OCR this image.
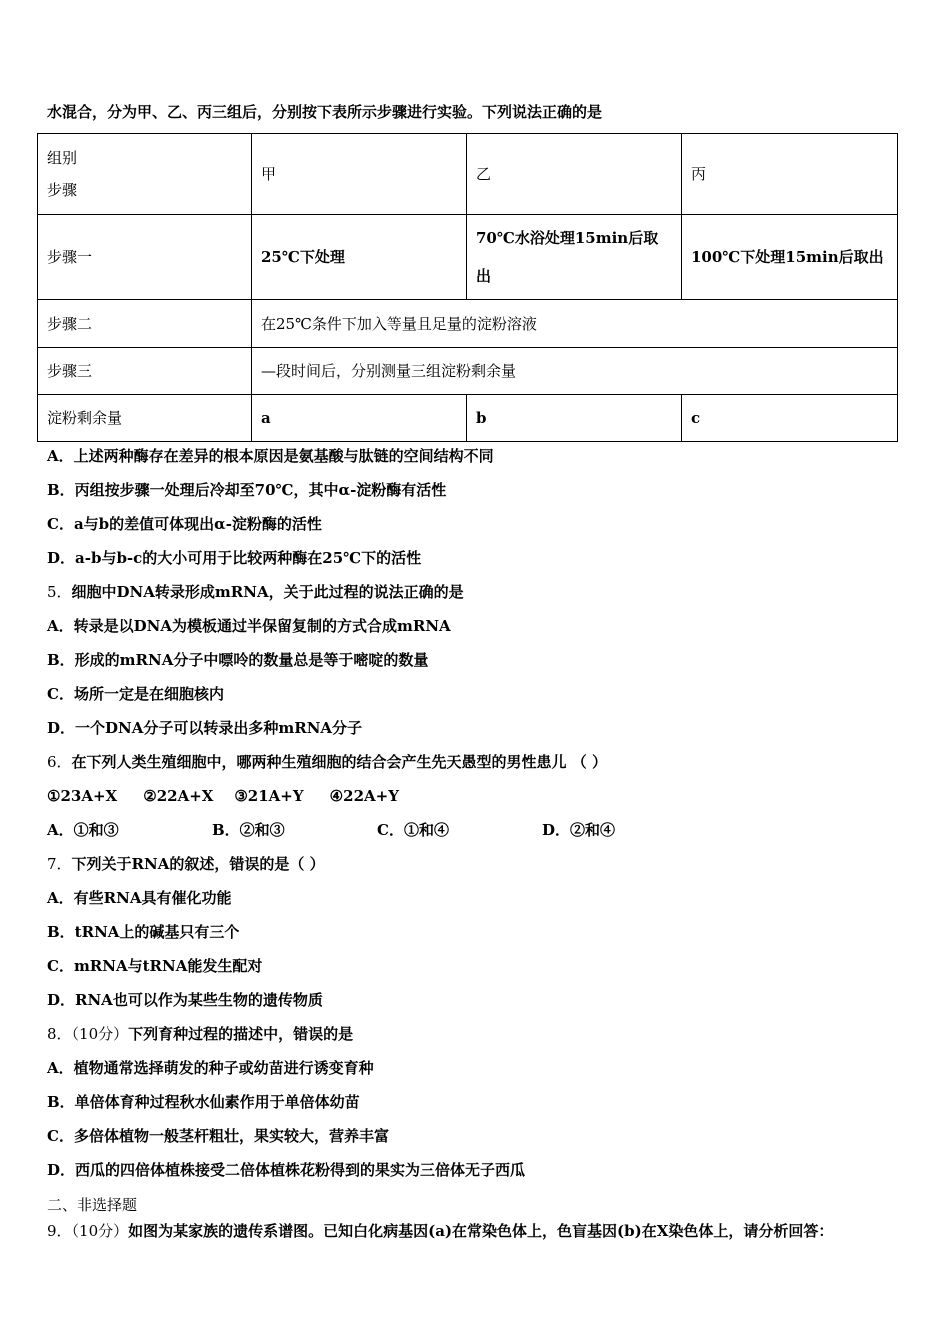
水混合，分为甲、乙、丙三组后，分别按下表所示步骤进行实验。下列说法正确的是
组别
步骤	甲	乙	丙
步骤一	25℃下处理	70℃水浴处理15min后取出	100℃下处理15min后取出
步骤二	在25℃条件下加入等量且足量的淀粉溶液		
步骤三	—段时间后，分别测量三组淀粉剩余量		
淀粉剩余量	a	b	c
A．上述两种酶存在差异的根本原因是氨基酸与肽链的空间结构不同
B．丙组按步骤一处理后冷却至70℃，其中α-淀粉酶有活性
C．a与b的差值可体现出α-淀粉酶的活性
D．a-b与b-c的大小可用于比较两种酶在25℃下的活性
5．细胞中DNA转录形成mRNA，关于此过程的说法正确的是
A．转录是以DNA为模板通过半保留复制的方式合成mRNA
B．形成的mRNA分子中嘌呤的数量总是等于嘧啶的数量
C．场所一定是在细胞核内
D．一个DNA分子可以转录出多种mRNA分子
6．在下列人类生殖细胞中，哪两种生殖细胞的结合会产生先天愚型的男性患儿 （ ）
①23A+X     ②22A+X    ③21A+Y     ④22A+Y
A．①和③	B．②和③	C．①和④	D．②和④
7．下列关于RNA的叙述，错误的是（ ）
A．有些RNA具有催化功能
B．tRNA上的碱基只有三个
C．mRNA与tRNA能发生配对
D．RNA也可以作为某些生物的遗传物质
8．（10分）下列育种过程的描述中，错误的是
A．植物通常选择萌发的种子或幼苗进行诱变育种
B．单倍体育种过程秋水仙素作用于单倍体幼苗
C．多倍体植物一般茎杆粗壮，果实较大，营养丰富
D．西瓜的四倍体植株接受二倍体植株花粉得到的果实为三倍体无子西瓜
二、非选择题
9．（10分）如图为某家族的遗传系谱图。已知白化病基因(a)在常染色体上，色盲基因(b)在X染色体上，请分析回答：
